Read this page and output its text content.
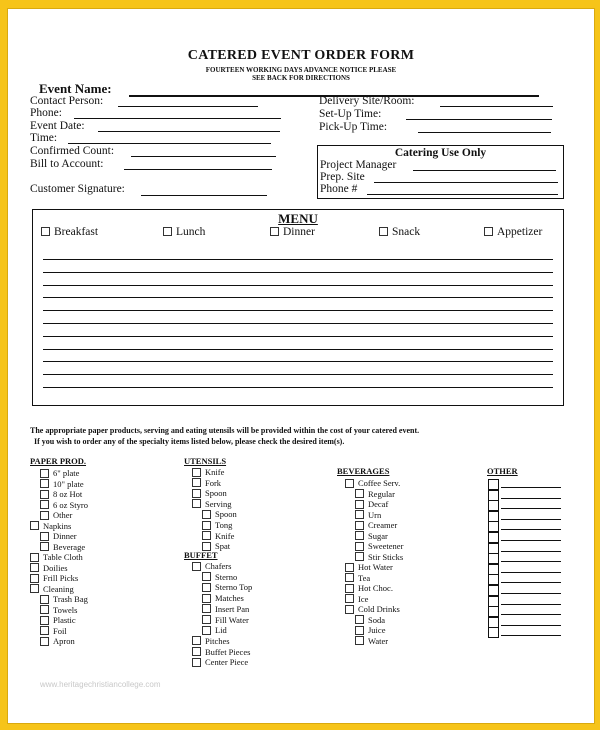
CATERED EVENT ORDER FORM
FOURTEEN WORKING DAYS ADVANCE NOTICE PLEASE
SEE BACK FOR DIRECTIONS
Event Name:
Contact Person:
Phone:
Event Date:
Time:
Confirmed Count:
Bill to Account:
Customer Signature:
Delivery Site/Room:
Set-Up Time:
Pick-Up Time:
Catering Use Only
Project Manager
Prep. Site
Phone #
MENU
Breakfast	Lunch	Dinner	Snack	Appetizer
The appropriate paper products, serving and eating utensils will be provided within the cost of your catered event.
If you wish to order any of the specialty items listed below, please check the desired item(s).
PAPER PROD.
6" plate
10" plate
8 oz Hot
6 oz Styro
Other
Napkins
Dinner
Beverage
Table Cloth
Doilies
Frill Picks
Cleaning
Trash Bag
Towels
Plastic
Foil
Apron
UTENSILS
Knife
Fork
Spoon
Serving
Spoon
Tong
Knife
Spat
BUFFET
Chafers
Sterno
Sterno Top
Matches
Insert Pan
Fill Water
Lid
Pitches
Buffet Pieces
Center Piece
BEVERAGES
Coffee Serv.
Regular
Decaf
Urn
Creamer
Sugar
Sweetener
Stir Sticks
Hot Water
Tea
Hot Choc.
Ice
Cold Drinks
Soda
Juice
Water
OTHER
www.heritagechristiancollege.com
